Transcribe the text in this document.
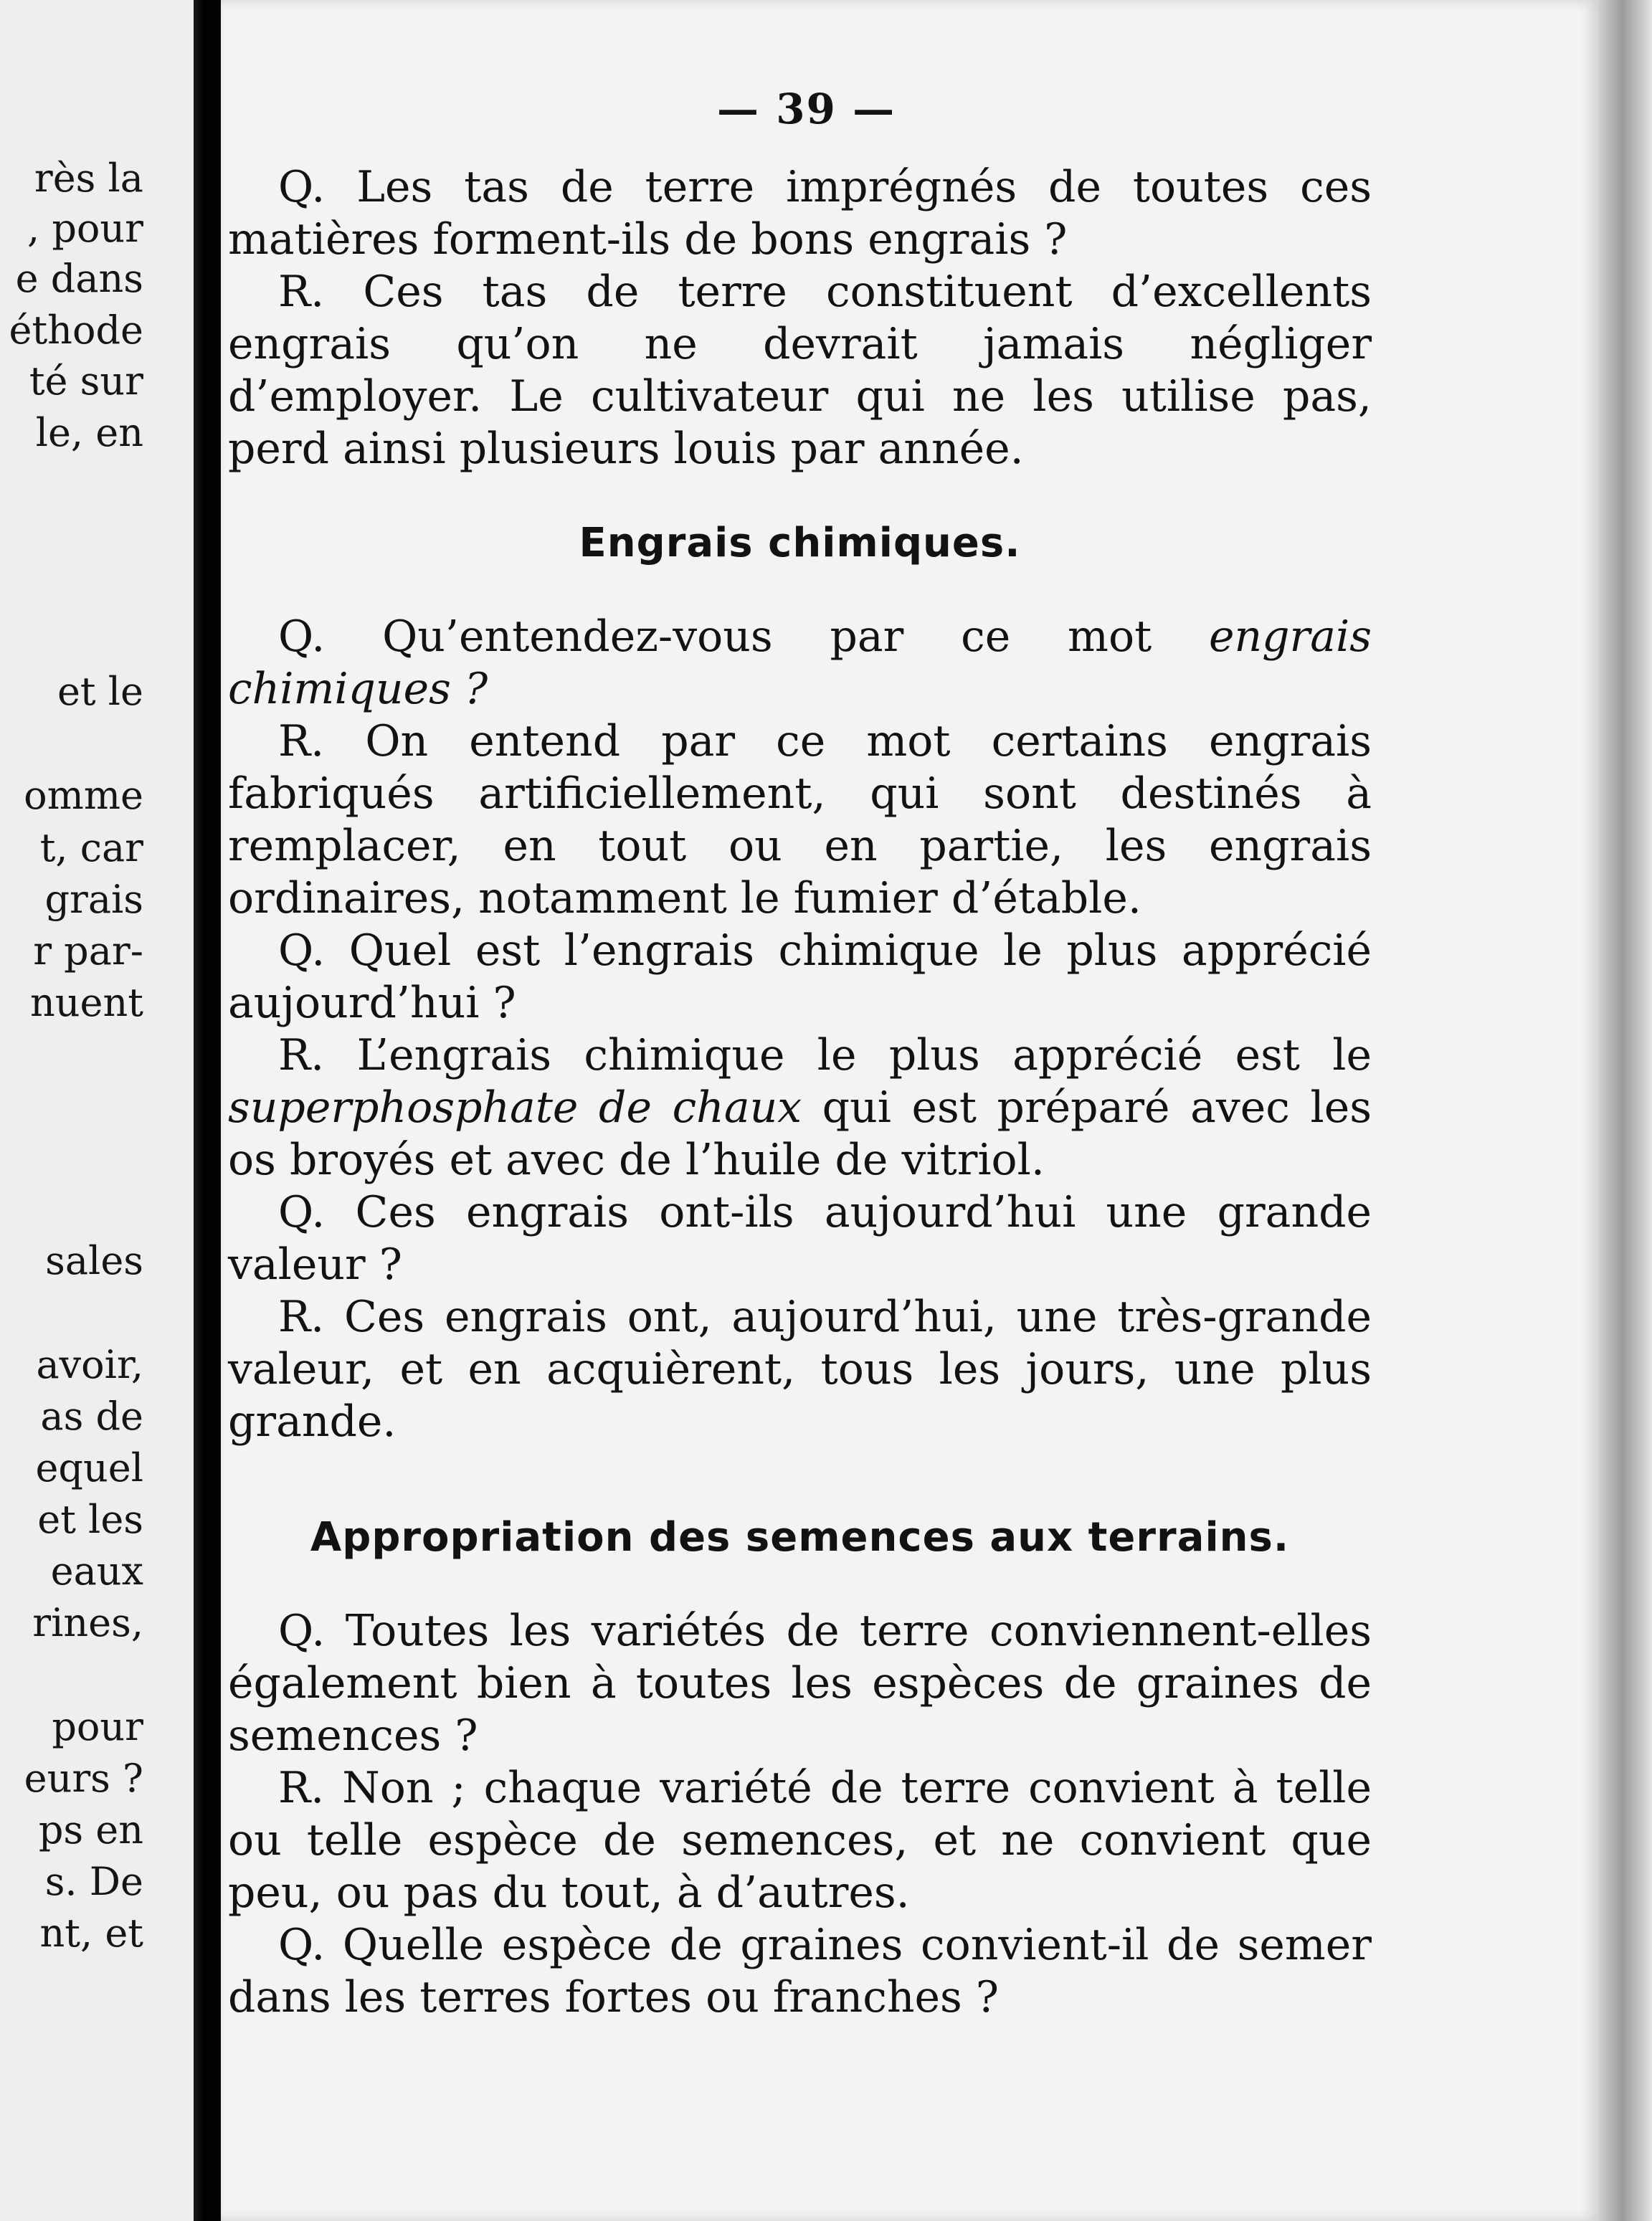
rès la
, pour
e dans
éthode
té sur
le, en
et le
omme
t, car
grais
r par-
nuent
sales
avoir,
as de
equel
et les
eaux
rines,
pour
eurs ?
ps en
s. De
nt, et
— 39 —

Q. Les tas de terre imprégnés de toutes ces matières forment-ils de bons engrais ?

R. Ces tas de terre constituent d’excellents engrais qu’on ne devrait jamais négliger d’employer. Le cultivateur qui ne les utilise pas, perd ainsi plusieurs louis par année.

Engrais chimiques.

Q. Qu’entendez-vous par ce mot engrais chimiques ?

R. On entend par ce mot certains engrais fabriqués artificiellement, qui sont destinés à remplacer, en tout ou en partie, les engrais ordinaires, notamment le fumier d’étable.

Q. Quel est l’engrais chimique le plus apprécié aujourd’hui ?

R. L’engrais chimique le plus apprécié est le superphosphate de chaux qui est préparé avec les os broyés et avec de l’huile de vitriol.

Q. Ces engrais ont-ils aujourd’hui une grande valeur ?

R. Ces engrais ont, aujourd’hui, une très-grande valeur, et en acquièrent, tous les jours, une plus grande.

Appropriation des semences aux terrains.

Q. Toutes les variétés de terre conviennent-elles également bien à toutes les espèces de graines de semences ?

R. Non ; chaque variété de terre convient à telle ou telle espèce de semences, et ne convient que peu, ou pas du tout, à d’autres.

Q. Quelle espèce de graines convient-il de semer dans les terres fortes ou franches ?
